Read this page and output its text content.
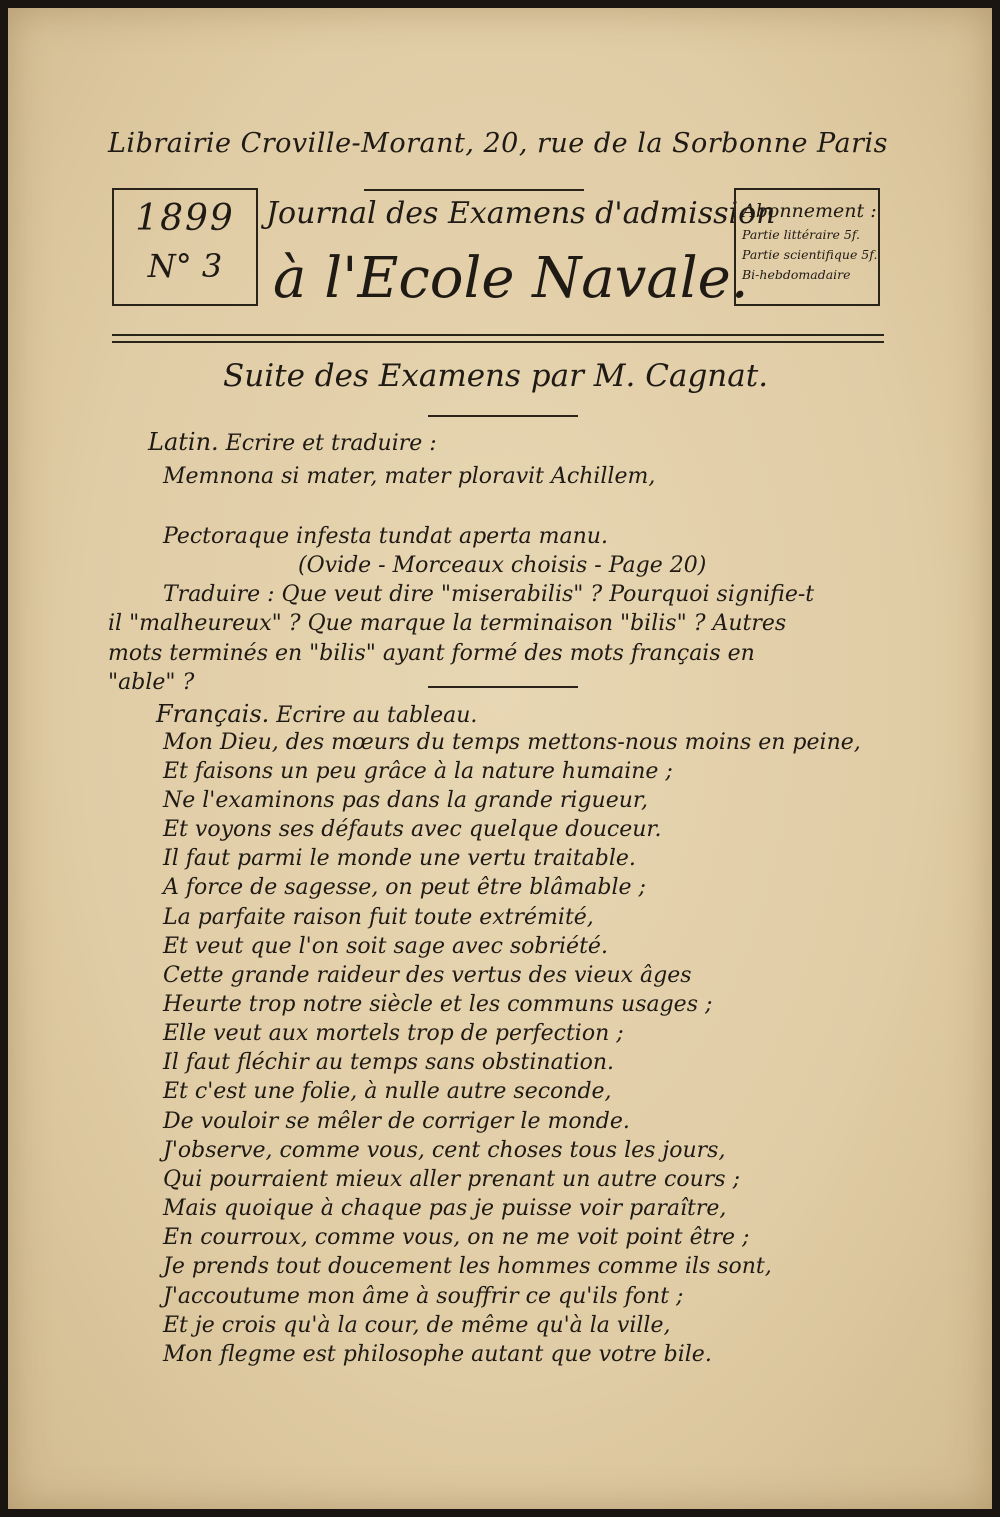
Librairie Croville-Morant, 20, rue de la Sorbonne Paris
1899
N° 3
Journal des Examens d'admission
à l'Ecole Navale.
Abonnement :
Partie littéraire 5f.
Partie scientifique 5f.
Bi-hebdomadaire
Suite des Examens par M. Cagnat.
Latin. Ecrire et traduire :
Memnona si mater, mater ploravit Achillem,
Pectoraque infesta tundat aperta manu.
(Ovide - Morceaux choisis - Page 20)
Traduire : Que veut dire "miserabilis" ? Pourquoi signifie-t
il "malheureux" ? Que marque la terminaison "bilis" ? Autres
mots terminés en "bilis" ayant formé des mots français en
"able" ?
Français. Ecrire au tableau.
Mon Dieu, des mœurs du temps mettons-nous moins en peine,
Et faisons un peu grâce à la nature humaine ;
Ne l'examinons pas dans la grande rigueur,
Et voyons ses défauts avec quelque douceur.
Il faut parmi le monde une vertu traitable.
A force de sagesse, on peut être blâmable ;
La parfaite raison fuit toute extrémité,
Et veut que l'on soit sage avec sobriété.
Cette grande raideur des vertus des vieux âges
Heurte trop notre siècle et les communs usages ;
Elle veut aux mortels trop de perfection ;
Il faut fléchir au temps sans obstination.
Et c'est une folie, à nulle autre seconde,
De vouloir se mêler de corriger le monde.
J'observe, comme vous, cent choses tous les jours,
Qui pourraient mieux aller prenant un autre cours ;
Mais quoique à chaque pas je puisse voir paraître,
En courroux, comme vous, on ne me voit point être ;
Je prends tout doucement les hommes comme ils sont,
J'accoutume mon âme à souffrir ce qu'ils font ;
Et je crois qu'à la cour, de même qu'à la ville,
Mon flegme est philosophe autant que votre bile.
